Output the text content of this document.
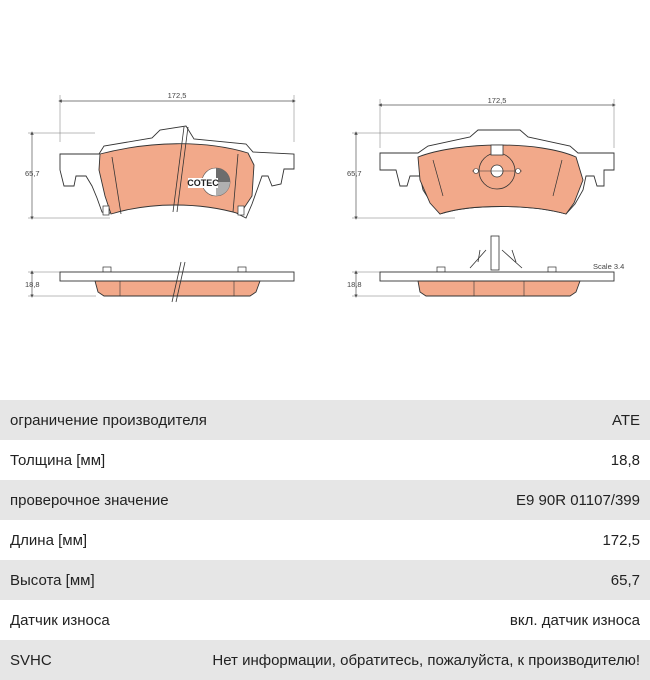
172,5
65,7
COTEC
18,8
172,5
65,7
18,8
Scale 3.4
ограничение производителя	ATE
Толщина [мм]	18,8
проверочное значение	E9 90R 01107/399
Длина [мм]	172,5
Высота [мм]	65,7
Датчик износа	вкл. датчик износа
SVHC	Нет информации, обратитесь, пожалуйста, к производителю!
